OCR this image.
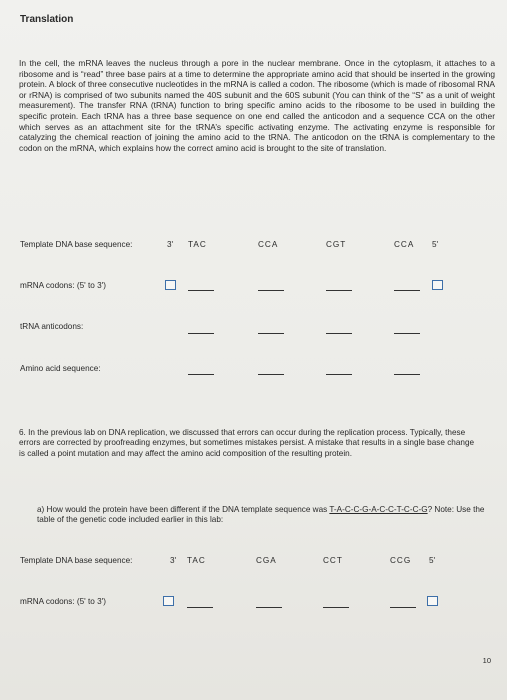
Translation
In the cell, the mRNA leaves the nucleus through a pore in the nuclear membrane. Once in the cytoplasm, it attaches to a ribosome and is “read” three base pairs at a time to determine the appropriate amino acid that should be inserted in the growing protein. A block of three consecutive nucleotides in the mRNA is called a codon. The ribosome (which is made of ribosomal RNA or rRNA) is comprised of two subunits named the 40S subunit and the 60S subunit (You can think of the “S” as a unit of weight measurement). The transfer RNA (tRNA) function to bring specific amino acids to the ribosome to be used in building the specific protein. Each tRNA has a three base sequence on one end called the anticodon and a sequence CCA on the other which serves as an attachment site for the tRNA’s specific activating enzyme. The activating enzyme is responsible for catalyzing the chemical reaction of joining the amino acid to the tRNA. The anticodon on the tRNA is complementary to the codon on the mRNA, which explains how the correct amino acid is brought to the site of translation.
Template DNA base sequence:	3' TAC	CCA	CGT	CCA 5'
mRNA codons: (5' to 3')
tRNA anticodons:
Amino acid sequence:
6. In the previous lab on DNA replication, we discussed that errors can occur during the replication process. Typically, these errors are corrected by proofreading enzymes, but sometimes mistakes persist. A mistake that results in a single base change is called a point mutation and may affect the amino acid composition of the resulting protein.
a) How would the protein have been different if the DNA template sequence was T-A-C-C-G-A-C-C-T-C-C-G? Note: Use the table of the genetic code included earlier in this lab:
Template DNA base sequence:	3' TAC	CGA	CCT	CCG 5'
mRNA codons: (5' to 3')
10
